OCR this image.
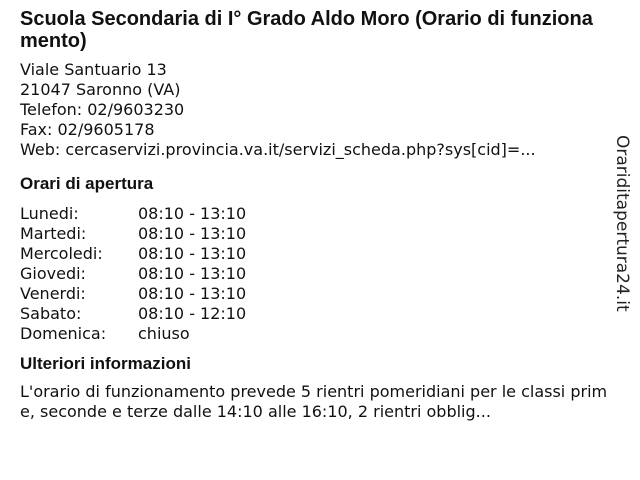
Scuola Secondaria di I° Grado Aldo Moro (Orario di funzionamento)
Viale Santuario 13
21047 Saronno (VA)
Telefon: 02/9603230
Fax: 02/9605178
Web: cercaservizi.provincia.va.it/servizi_scheda.php?sys[cid]=...
Orari di apertura
Lunedi:	08:10 - 13:10
Martedi:	08:10 - 13:10
Mercoledi:	08:10 - 13:10
Giovedi:	08:10 - 13:10
Venerdi:	08:10 - 13:10
Sabato:	08:10 - 12:10
Domenica:	chiuso
Ulteriori informazioni
L'orario di funzionamento prevede 5 rientri pomeridiani per le classi prime, seconde e terze dalle 14:10 alle 16:10, 2 rientri obblig...
Orariditapertura24.it
